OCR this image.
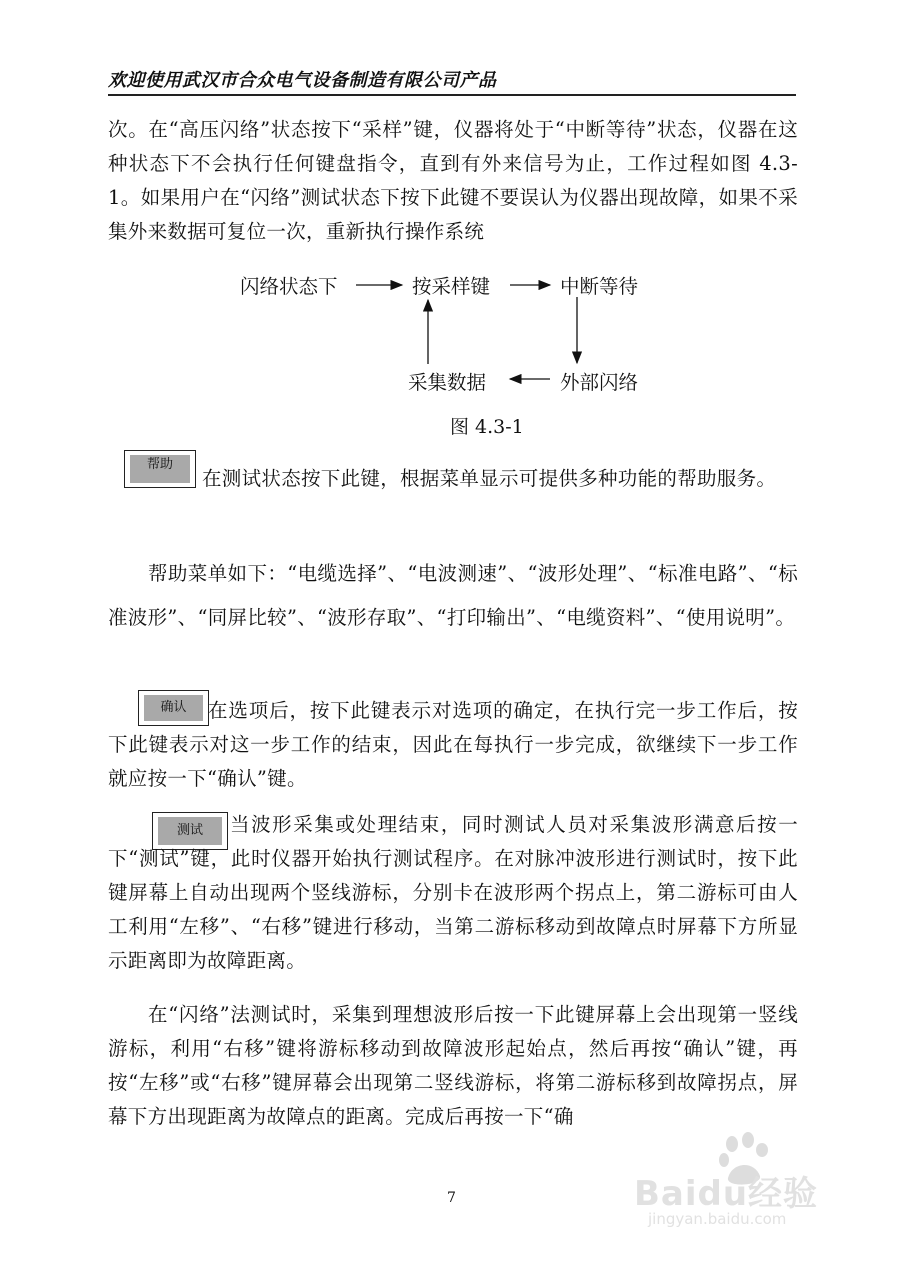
欢迎使用武汉市合众电气设备制造有限公司产品
次。在“高压闪络”状态按下“采样”键，仪器将处于“中断等待”状态，仪器在这种状态下不会执行任何键盘指令，直到有外来信号为止，工作过程如图 4.3-1。如果用户在“闪络”测试状态下按下此键不要误认为仪器出现故障，如果不采集外来数据可复位一次，重新执行操作系统
闪络状态下	按采样键	中断等待
外部闪络
采集数据
图 4.3-1
帮助
在测试状态按下此键，根据菜单显示可提供多种功能的帮助服务。
帮助菜单如下：“电缆选择”、“电波测速”、“波形处理”、“标准电路”、“标准波形”、“同屏比较”、“波形存取”、“打印输出”、“电缆资料”、“使用说明”。
确认	在选项后，按下此键表示对选项的确定，在执行完一步工作后，按下此键表示对这一步工作的结束，因此在每执行一步完成，欲继续下一步工作就应按一下“确认”键。
测试	当波形采集或处理结束，同时测试人员对采集波形满意后按一下“测试”键，此时仪器开始执行测试程序。在对脉冲波形进行测试时，按下此键屏幕上自动出现两个竖线游标，分别卡在波形两个拐点上，第二游标可由人工利用“左移”、“右移”键进行移动，当第二游标移动到故障点时屏幕下方所显示距离即为故障距离。
在“闪络”法测试时，采集到理想波形后按一下此键屏幕上会出现第一竖线游标，利用“右移”键将游标移动到故障波形起始点，然后再按“确认”键，再按“左移”或“右移”键屏幕会出现第二竖线游标，将第二游标移到故障拐点，屏幕下方出现距离为故障点的距离。完成后再按一下“确
7	Baidu经验
jingyan.baidu.com
